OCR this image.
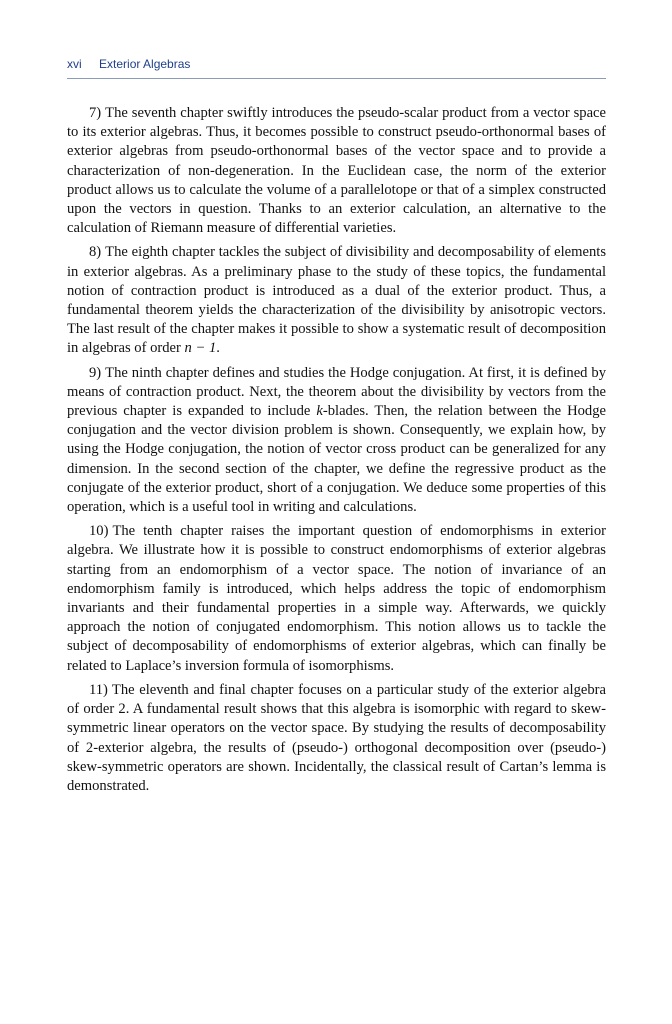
xvi Exterior Algebras

7) The seventh chapter swiftly introduces the pseudo-scalar product from a vector space to its exterior algebras. Thus, it becomes possible to construct pseudo-orthonormal bases of exterior algebras from pseudo-orthonormal bases of the vector space and to provide a characterization of non-degeneration. In the Euclidean case, the norm of the exterior product allows us to calculate the volume of a parallelotope or that of a simplex constructed upon the vectors in question. Thanks to an exterior calculation, an alternative to the calculation of Riemann measure of differential varieties.

8) The eighth chapter tackles the subject of divisibility and decomposability of elements in exterior algebras. As a preliminary phase to the study of these topics, the fundamental notion of contraction product is introduced as a dual of the exterior product. Thus, a fundamental theorem yields the characterization of the divisibility by anisotropic vectors. The last result of the chapter makes it possible to show a systematic result of decomposition in algebras of order n − 1.

9) The ninth chapter defines and studies the Hodge conjugation. At first, it is defined by means of contraction product. Next, the theorem about the divisibility by vectors from the previous chapter is expanded to include k-blades. Then, the relation between the Hodge conjugation and the vector division problem is shown. Consequently, we explain how, by using the Hodge conjugation, the notion of vector cross product can be generalized for any dimension. In the second section of the chapter, we define the regressive product as the conjugate of the exterior product, short of a conjugation. We deduce some properties of this operation, which is a useful tool in writing and calculations.

10) The tenth chapter raises the important question of endomorphisms in exterior algebra. We illustrate how it is possible to construct endomorphisms of exterior algebras starting from an endomorphism of a vector space. The notion of invariance of an endomorphism family is introduced, which helps address the topic of endomorphism invariants and their fundamental properties in a simple way. Afterwards, we quickly approach the notion of conjugated endomorphism. This notion allows us to tackle the subject of decomposability of endomorphisms of exterior algebras, which can finally be related to Laplace’s inversion formula of isomorphisms.

11) The eleventh and final chapter focuses on a particular study of the exterior algebra of order 2. A fundamental result shows that this algebra is isomorphic with regard to skew-symmetric linear operators on the vector space. By studying the results of decomposability of 2-exterior algebra, the results of (pseudo-) orthogonal decomposition over (pseudo-) skew-symmetric operators are shown. Incidentally, the classical result of Cartan’s lemma is demonstrated.
